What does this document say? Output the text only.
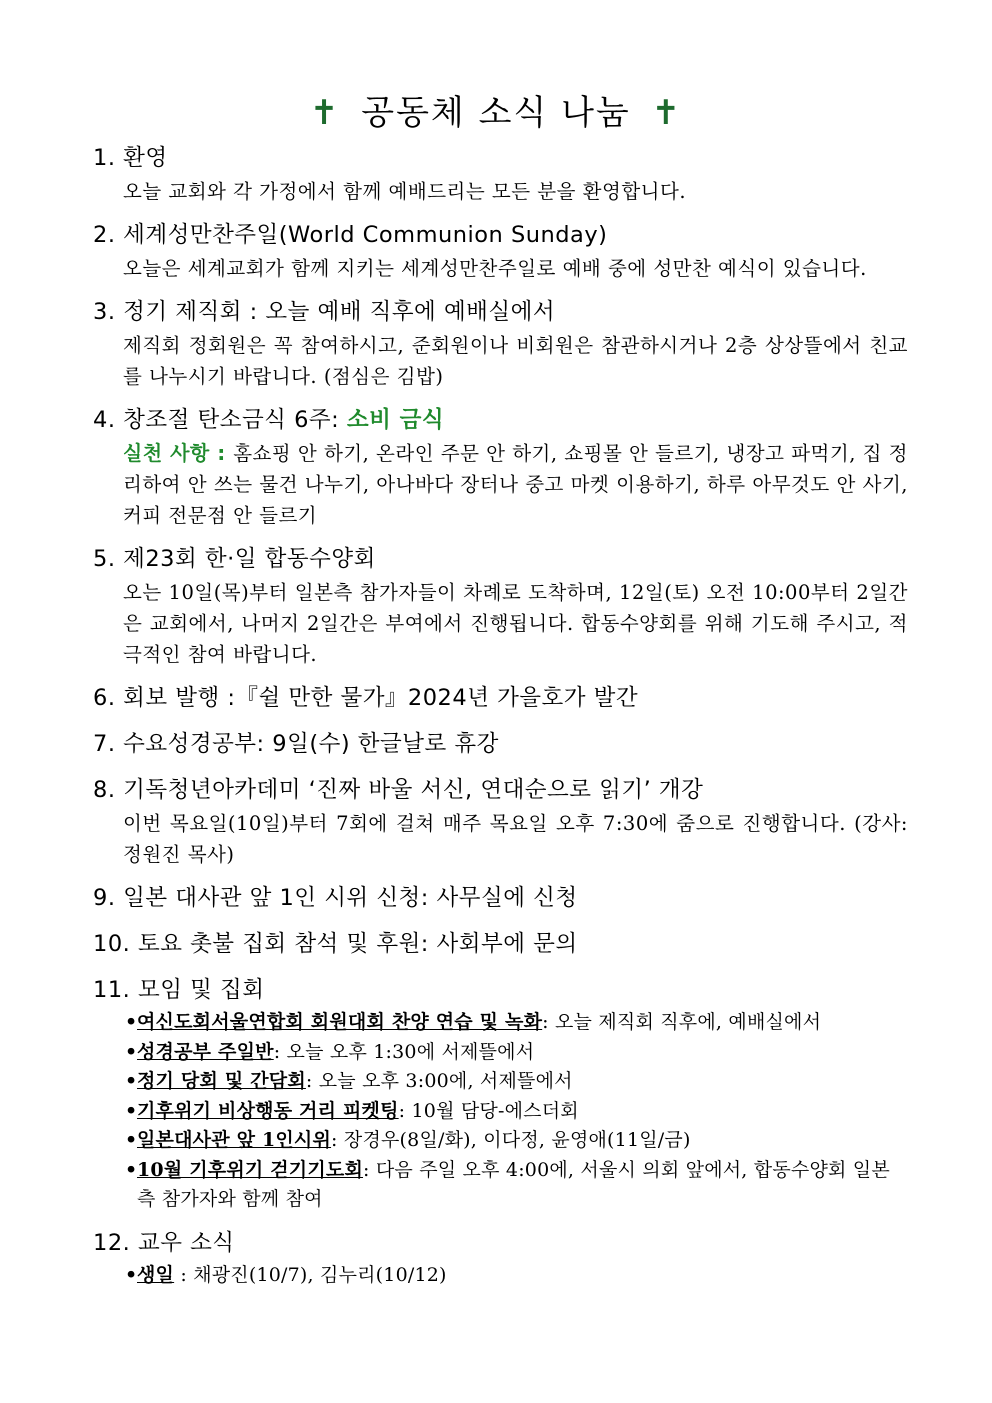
✝ 공동체 소식 나눔 ✝
1. 환영
오늘 교회와 각 가정에서 함께 예배드리는 모든 분을 환영합니다.
2. 세계성만찬주일(World Communion Sunday)
오늘은 세계교회가 함께 지키는 세계성만찬주일로 예배 중에 성만찬 예식이 있습니다.
3. 정기 제직회 : 오늘 예배 직후에 예배실에서
제직회 정회원은 꼭 참여하시고, 준회원이나 비회원은 참관하시거나 2층 상상뜰에서 친교를 나누시기 바랍니다. (점심은 김밥)
4. 창조절 탄소금식 6주: 소비 금식
실천 사항 : 홈쇼핑 안 하기, 온라인 주문 안 하기, 쇼핑몰 안 들르기, 냉장고 파먹기, 집 정리하여 안 쓰는 물건 나누기, 아나바다 장터나 중고 마켓 이용하기, 하루 아무것도 안 사기, 커피 전문점 안 들르기
5. 제23회 한·일 합동수양회
오는 10일(목)부터 일본측 참가자들이 차례로 도착하며, 12일(토) 오전 10:00부터 2일간은 교회에서, 나머지 2일간은 부여에서 진행됩니다. 합동수양회를 위해 기도해 주시고, 적극적인 참여 바랍니다.
6. 회보 발행 :『쉴 만한 물가』2024년 가을호가 발간
7. 수요성경공부: 9일(수) 한글날로 휴강
8. 기독청년아카데미 ‘진짜 바울 서신, 연대순으로 읽기’ 개강
이번 목요일(10일)부터 7회에 걸쳐 매주 목요일 오후 7:30에 줌으로 진행합니다. (강사: 정원진 목사)
9. 일본 대사관 앞 1인 시위 신청: 사무실에 신청
10. 토요 촛불 집회 참석 및 후원: 사회부에 문의
11. 모임 및 집회
• 여신도회서울연합회 회원대회 찬양 연습 및 녹화: 오늘 제직회 직후에, 예배실에서
• 성경공부 주일반: 오늘 오후 1:30에 서제뜰에서
• 정기 당회 및 간담회: 오늘 오후 3:00에, 서제뜰에서
• 기후위기 비상행동 거리 피켓팅: 10월 담당-에스더회
• 일본대사관 앞 1인시위: 장경우(8일/화), 이다정, 윤영애(11일/금)
• 10월 기후위기 걷기기도회: 다음 주일 오후 4:00에, 서울시 의회 앞에서, 합동수양회 일본측 참가자와 함께 참여
12. 교우 소식
• 생일 : 채광진(10/7), 김누리(10/12)
